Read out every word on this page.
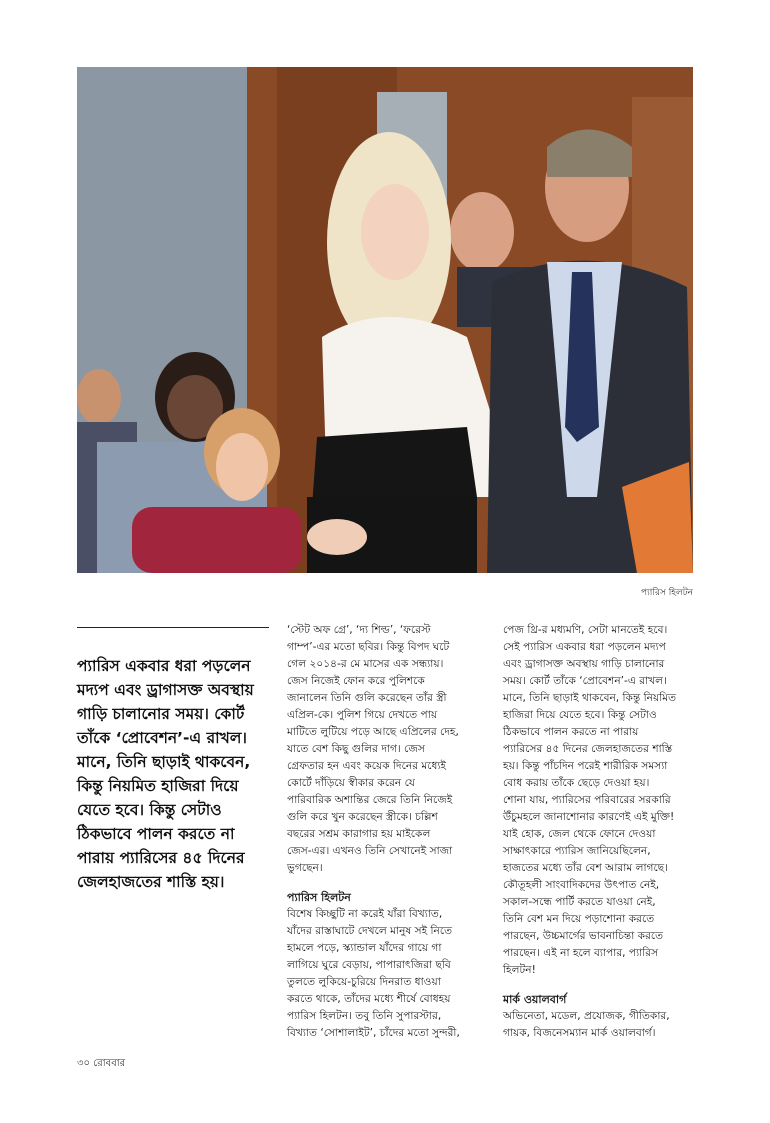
প্যারিস হিলটন
প্যারিস একবার ধরা পড়লেন
মদ্যপ এবং ড্রাগাসক্ত অবস্থায়
গাড়ি চালানোর সময়। কোর্ট
তাঁকে ‘প্রোবেশন’-এ রাখল।
মানে, তিনি ছাড়াই থাকবেন,
কিন্তু নিয়মিত হাজিরা দিয়ে
যেতে হবে। কিন্তু সেটাও
ঠিকভাবে পালন করতে না
পারায় প্যারিসের ৪৫ দিনের
জেলহাজতের শাস্তি হয়।

‘স্টেট অফ গ্রে’, ‘দ্য শিল্ড’, ‘ফরেস্ট
গাম্প’-এর মতো ছবির। কিন্তু বিপদ ঘটে
গেল ২০১৪-র মে মাসের এক সন্ধ্যায়।
জেস নিজেই ফোন করে পুলিশকে
জানালেন তিনি গুলি করেছেন তাঁর স্ত্রী
এপ্রিল-কে। পুলিশ গিয়ে দেখতে পায়
মাটিতে লুটিয়ে পড়ে আছে এপ্রিলের দেহ,
যাতে বেশ কিছু গুলির দাগ। জেস
গ্রেফতার হন এবং কয়েক দিনের মধ্যেই
কোর্টে দাঁড়িয়ে স্বীকার করেন যে
পারিবারিক অশান্তির জেরে তিনি নিজেই
গুলি করে খুন করেছেন স্ত্রীকে। চল্লিশ
বছরের সশ্রম কারাগার হয় মাইকেল
জেস-এর। এখনও তিনি সেখানেই সাজা
ভুগছেন।

প্যারিস হিলটন

বিশেষ কিচ্ছুটি না করেই যাঁরা বিখ্যাত,
যাঁদের রাস্তাঘাটে দেখলে মানুষ সই নিতে
হামলে পড়ে, স্ক্যান্ডাল যাঁদের গায়ে গা
লাগিয়ে ঘুরে বেড়ায়, পাপারাৎজিরা ছবি
তুলতে লুকিয়ে-চুরিয়ে দিনরাত ধাওয়া
করতে থাকে, তাঁদের মধ্যে শীর্ষে বোধহয়
প্যারিস হিলটন। তবু তিনি সুপারস্টার,
বিখ্যাত ‘সোশালাইট’, চাঁদের মতো সুন্দরী,

পেজ থ্রি-র মধ্যমণি, সেটা মানতেই হবে।
সেই প্যারিস একবার ধরা পড়লেন মদ্যপ
এবং ড্রাগাসক্ত অবস্থায় গাড়ি চালানোর
সময়। কোর্ট তাঁকে ‘প্রোবেশন’-এ রাখল।
মানে, তিনি ছাড়াই থাকবেন, কিন্তু নিয়মিত
হাজিরা দিয়ে যেতে হবে। কিন্তু সেটাও
ঠিকভাবে পালন করতে না পারায়
প্যারিসের ৪৫ দিনের জেলহাজতের শাস্তি
হয়। কিন্তু পাঁচদিন পরেই শারীরিক সমস্যা
বোধ করায় তাঁকে ছেড়ে দেওয়া হয়।
শোনা যায়, প্যারিসের পরিবারের সরকারি
উঁচুমহলে জানাশোনার কারণেই এই মুক্তি!
যাই হোক, জেল থেকে ফোনে দেওয়া
সাক্ষাৎকারে প্যারিস জানিয়েছিলেন,
হাজতের মধ্যে তাঁর বেশ আরাম লাগছে।
কৌতূহলী সাংবাদিকদের উৎপাত নেই,
সকাল-সন্ধে পার্টি করতে যাওয়া নেই,
তিনি বেশ মন দিয়ে পড়াশোনা করতে
পারছেন, উচ্চমার্গের ভাবনাচিন্তা করতে
পারছেন। এই না হলে ব্যাপার, প্যারিস
হিলটন!

মার্ক ওয়ালবার্গ

অভিনেতা, মডেল, প্রযোজক, গীতিকার,
গায়ক, বিজনেসম্যান মার্ক ওয়ালবার্গ।

৩০ রোববার
